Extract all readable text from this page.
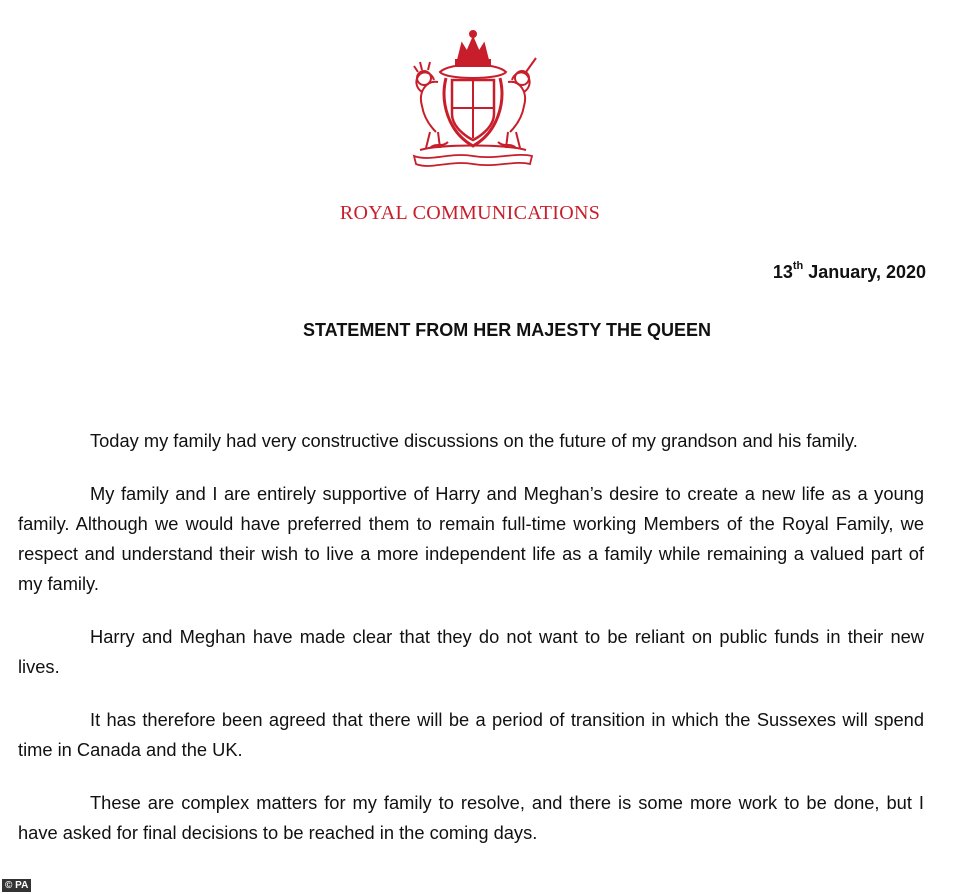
ROYAL COMMUNICATIONS
13th January, 2020
STATEMENT FROM HER MAJESTY THE QUEEN

Today my family had very constructive discussions on the future of my grandson and his family.

My family and I are entirely supportive of Harry and Meghan’s desire to create a new life as a young family. Although we would have preferred them to remain full-time working Members of the Royal Family, we respect and understand their wish to live a more independent life as a family while remaining a valued part of my family.

Harry and Meghan have made clear that they do not want to be reliant on public funds in their new lives.

It has therefore been agreed that there will be a period of transition in which the Sussexes will spend time in Canada and the UK.

These are complex matters for my family to resolve, and there is some more work to be done, but I have asked for final decisions to be reached in the coming days.

© PA
